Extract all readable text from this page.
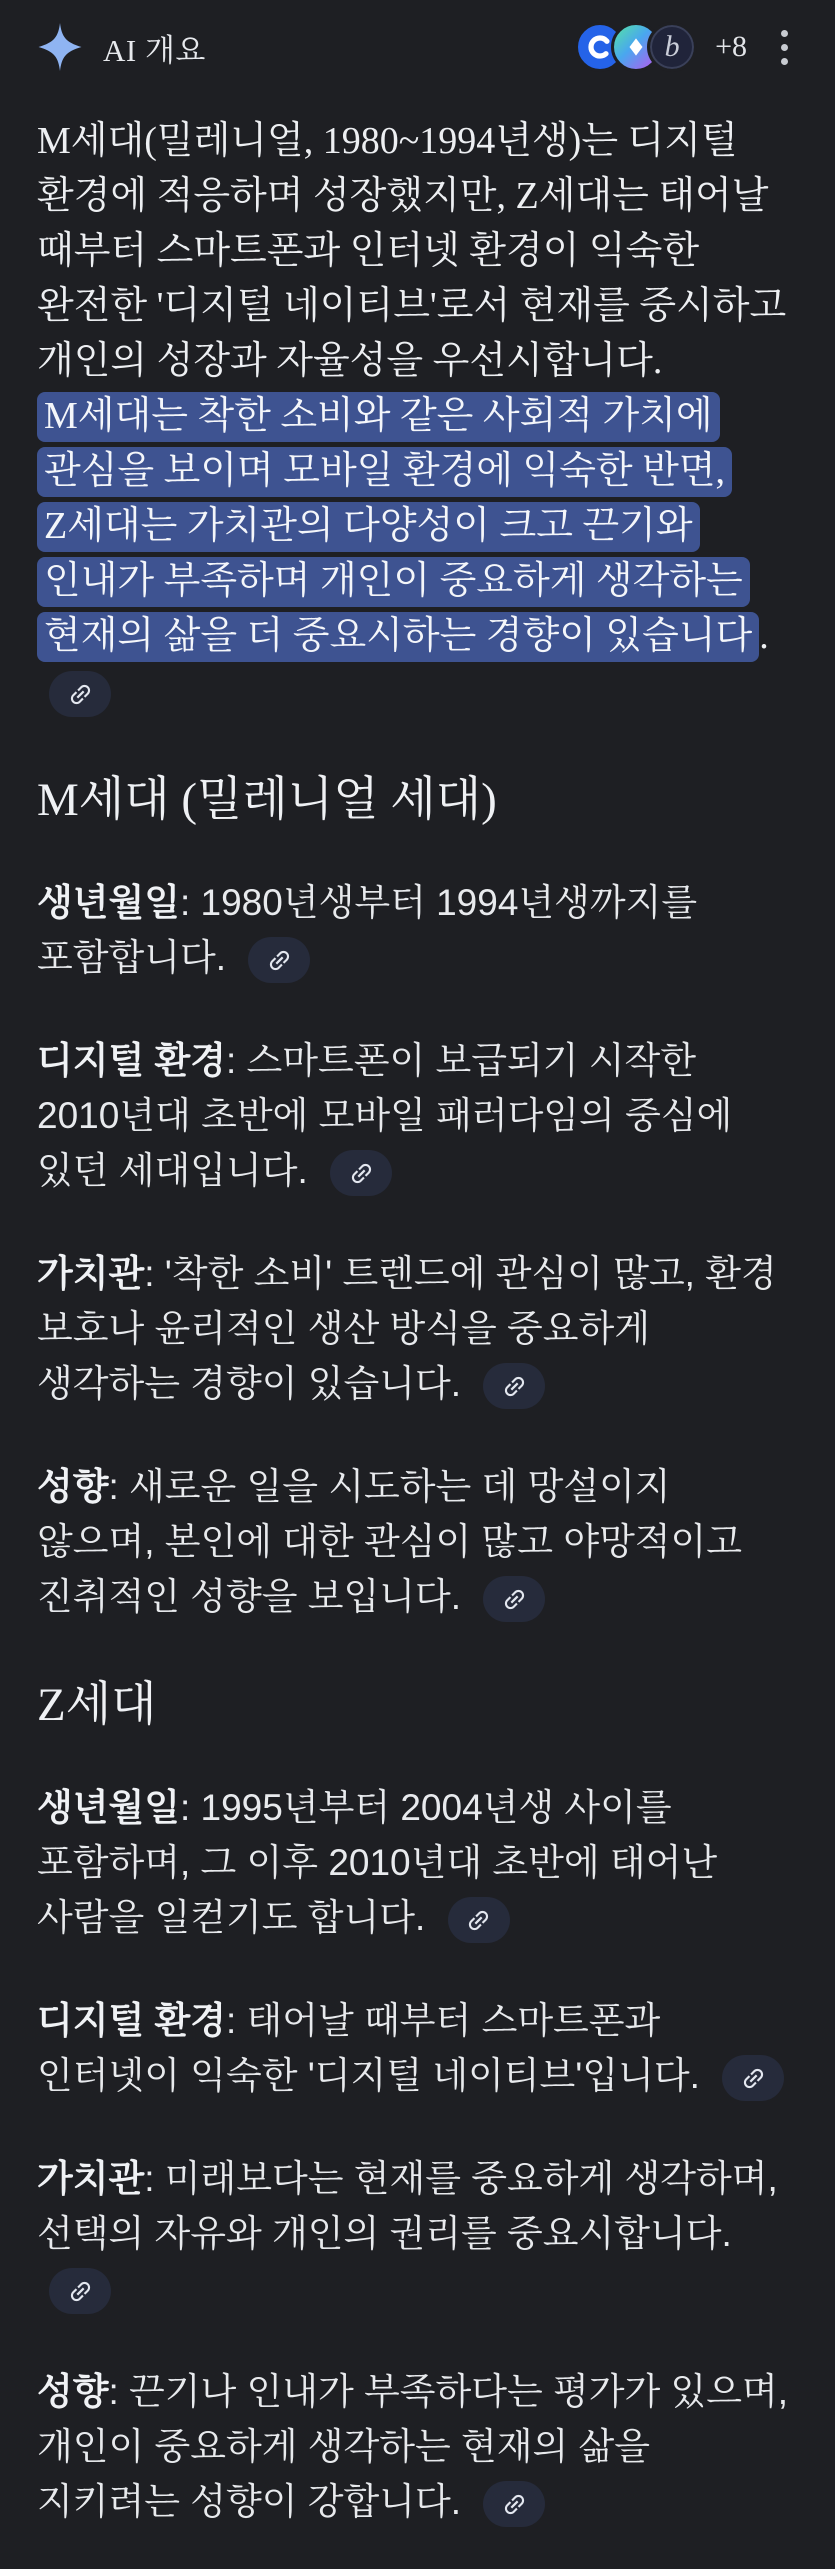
AI 개요	b +8

M세대(밀레니얼, 1980~1994년생)는 디지털 환경에 적응하며 성장했지만, Z세대는 태어날 때부터 스마트폰과 인터넷 환경이 익숙한 완전한 '디지털 네이티브'로서 현재를 중시하고 개인의 성장과 자율성을 우선시합니다. M세대는 착한 소비와 같은 사회적 가치에 관심을 보이며 모바일 환경에 익숙한 반면, Z세대는 가치관의 다양성이 크고 끈기와 인내가 부족하며 개인이 중요하게 생각하는 현재의 삶을 더 중요시하는 경향이 있습니다 .

M세대 (밀레니얼 세대)

생년월일: 1980년생부터 1994년생까지를 포함합니다.

디지털 환경: 스마트폰이 보급되기 시작한 2010년대 초반에 모바일 패러다임의 중심에 있던 세대입니다.

가치관: '착한 소비' 트렌드에 관심이 많고, 환경 보호나 윤리적인 생산 방식을 중요하게 생각하는 경향이 있습니다.

성향: 새로운 일을 시도하는 데 망설이지 않으며, 본인에 대한 관심이 많고 야망적이고 진취적인 성향을 보입니다.

Z세대

생년월일: 1995년부터 2004년생 사이를 포함하며, 그 이후 2010년대 초반에 태어난 사람을 일컫기도 합니다.

디지털 환경: 태어날 때부터 스마트폰과 인터넷이 익숙한 '디지털 네이티브'입니다.

가치관: 미래보다는 현재를 중요하게 생각하며, 선택의 자유와 개인의 권리를 중요시합니다.

성향: 끈기나 인내가 부족하다는 평가가 있으며, 개인이 중요하게 생각하는 현재의 삶을 지키려는 성향이 강합니다.
